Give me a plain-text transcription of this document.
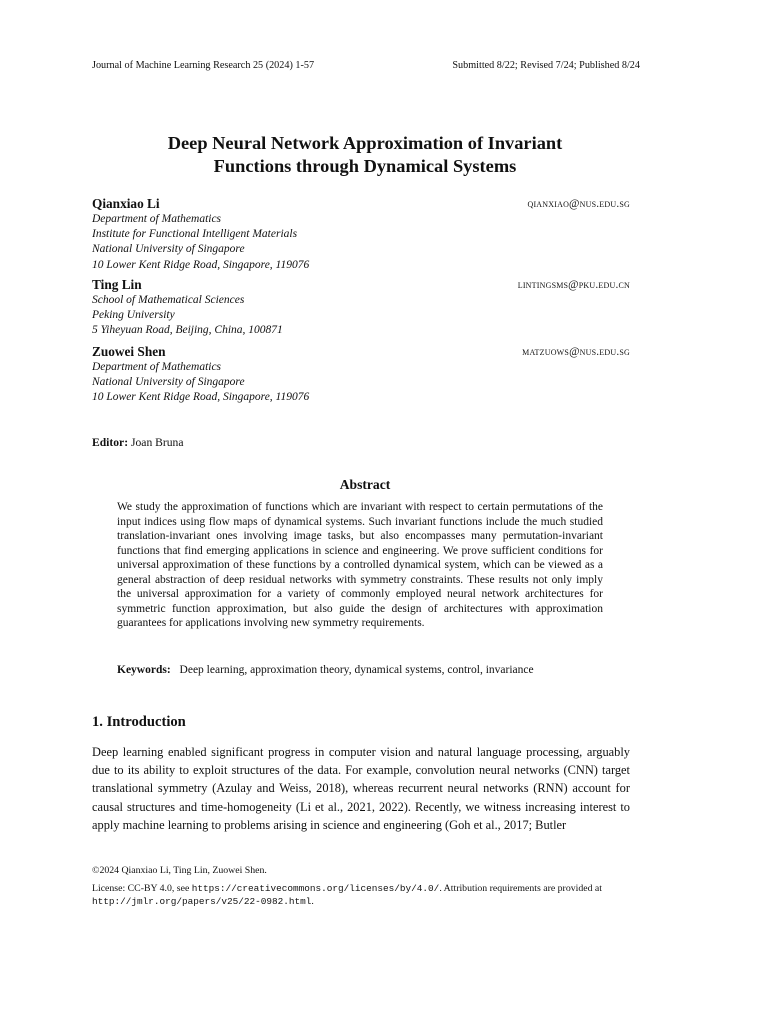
Journal of Machine Learning Research 25 (2024) 1-57	Submitted 8/22; Revised 7/24; Published 8/24
Deep Neural Network Approximation of Invariant
Functions through Dynamical Systems
Qianxiao Li	qianxiao@nus.edu.sg
Department of Mathematics
Institute for Functional Intelligent Materials
National University of Singapore
10 Lower Kent Ridge Road, Singapore, 119076
Ting Lin	lintingsms@pku.edu.cn
School of Mathematical Sciences
Peking University
5 Yiheyuan Road, Beijing, China, 100871
Zuowei Shen	matzuows@nus.edu.sg
Department of Mathematics
National University of Singapore
10 Lower Kent Ridge Road, Singapore, 119076
Editor: Joan Bruna
Abstract

We study the approximation of functions which are invariant with respect to certain permutations of the input indices using flow maps of dynamical systems. Such invariant functions include the much studied translation-invariant ones involving image tasks, but also encompasses many permutation-invariant functions that find emerging applications in science and engineering. We prove sufficient conditions for universal approximation of these functions by a controlled dynamical system, which can be viewed as a general abstraction of deep residual networks with symmetry constraints. These results not only imply the universal approximation for a variety of commonly employed neural network architectures for symmetric function approximation, but also guide the design of architectures with approximation guarantees for applications involving new symmetry requirements.

Keywords: Deep learning, approximation theory, dynamical systems, control, invariance
1. Introduction

Deep learning enabled significant progress in computer vision and natural language processing, arguably due to its ability to exploit structures of the data. For example, convolution neural networks (CNN) target translational symmetry (Azulay and Weiss, 2018), whereas recurrent neural networks (RNN) account for causal structures and time-homogeneity (Li et al., 2021, 2022). Recently, we witness increasing interest to apply machine learning to problems arising in science and engineering (Goh et al., 2017; Butler

©2024 Qianxiao Li, Ting Lin, Zuowei Shen.
License: CC-BY 4.0, see https://creativecommons.org/licenses/by/4.0/. Attribution requirements are provided at http://jmlr.org/papers/v25/22-0982.html.
